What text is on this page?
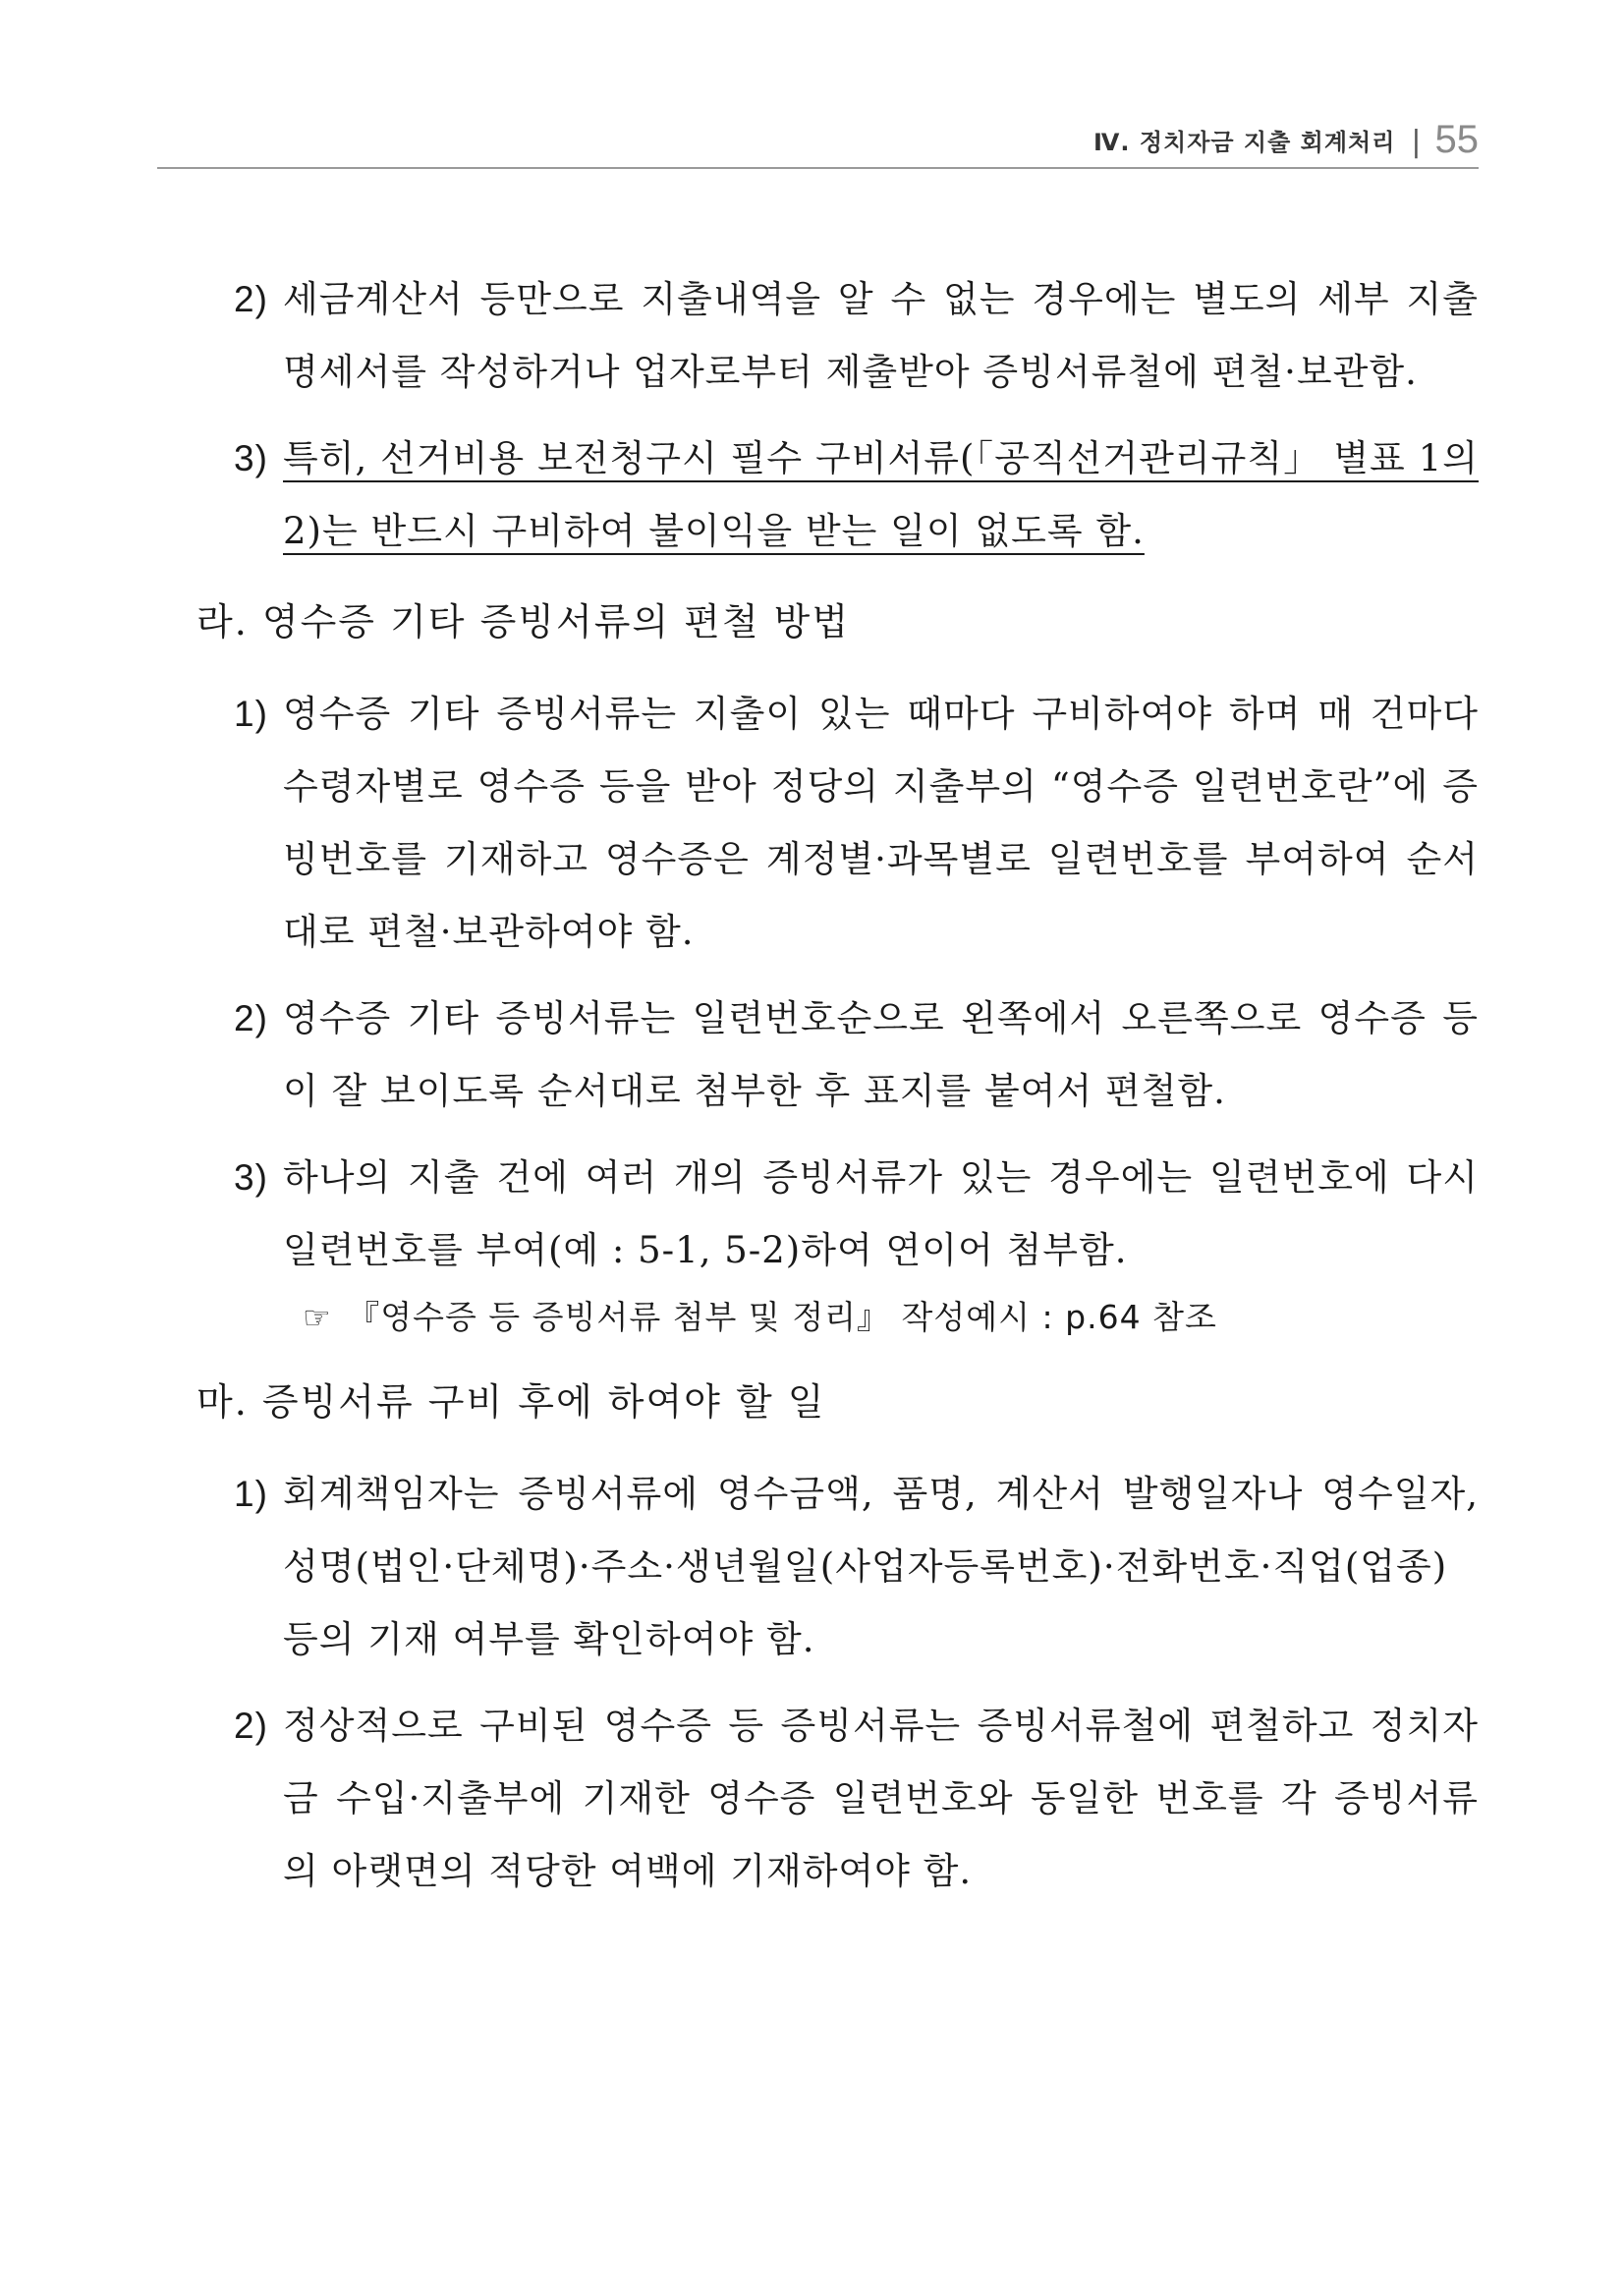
Ⅳ. 정치자금 지출 회계처리 | 55
2) 세금계산서 등만으로 지출내역을 알 수 없는 경우에는 별도의 세부 지출 명세서를 작성하거나 업자로부터 제출받아 증빙서류철에 편철·보관함.
3) 특히, 선거비용 보전청구시 필수 구비서류(「공직선거관리규칙」 별표 1의2)는 반드시 구비하여 불이익을 받는 일이 없도록 함.
라. 영수증 기타 증빙서류의 편철 방법
1) 영수증 기타 증빙서류는 지출이 있는 때마다 구비하여야 하며 매 건마다 수령자별로 영수증 등을 받아 정당의 지출부의 “영수증 일련번호란”에 증빙번호를 기재하고 영수증은 계정별·과목별로 일련번호를 부여하여 순서대로 편철·보관하여야 함.
2) 영수증 기타 증빙서류는 일련번호순으로 왼쪽에서 오른쪽으로 영수증 등이 잘 보이도록 순서대로 첨부한 후 표지를 붙여서 편철함.
3) 하나의 지출 건에 여러 개의 증빙서류가 있는 경우에는 일련번호에 다시 일련번호를 부여(예 : 5-1, 5-2)하여 연이어 첨부함.
☞ 『영수증 등 증빙서류 첨부 및 정리』 작성예시 : p.64 참조
마. 증빙서류 구비 후에 하여야 할 일
1) 회계책임자는 증빙서류에 영수금액, 품명, 계산서 발행일자나 영수일자, 성명(법인·단체명)·주소·생년월일(사업자등록번호)·전화번호·직업(업종) 등의 기재 여부를 확인하여야 함.
2) 정상적으로 구비된 영수증 등 증빙서류는 증빙서류철에 편철하고 정치자금 수입·지출부에 기재한 영수증 일련번호와 동일한 번호를 각 증빙서류의 아랫면의 적당한 여백에 기재하여야 함.
